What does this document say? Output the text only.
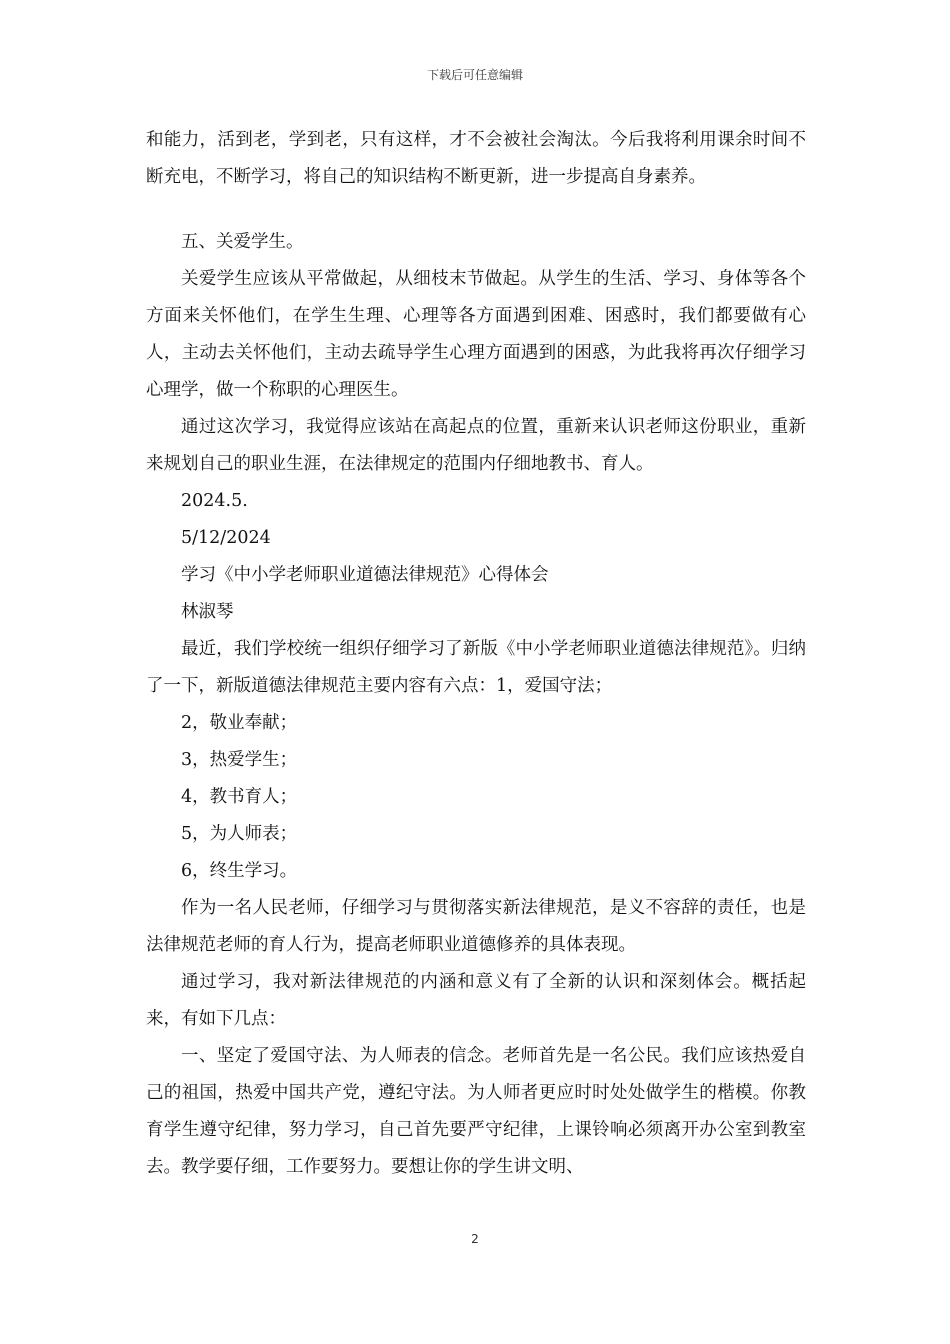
下载后可任意编辑

和能力，活到老，学到老，只有这样，才不会被社会淘汰。今后我将利用课余时间不断充电，不断学习，将自己的知识结构不断更新，进一步提高自身素养。

五、关爱学生。

关爱学生应该从平常做起，从细枝末节做起。从学生的生活、学习、身体等各个方面来关怀他们，在学生生理、心理等各方面遇到困难、困惑时，我们都要做有心人，主动去关怀他们，主动去疏导学生心理方面遇到的困惑，为此我将再次仔细学习心理学，做一个称职的心理医生。

通过这次学习，我觉得应该站在高起点的位置，重新来认识老师这份职业，重新来规划自己的职业生涯，在法律规定的范围内仔细地教书、育人。

2024.5.

5/12/2024

学习《中小学老师职业道德法律规范》心得体会

林淑琴

最近，我们学校统一组织仔细学习了新版《中小学老师职业道德法律规范》。归纳了一下，新版道德法律规范主要内容有六点：1，爱国守法；

2，敬业奉献；

3，热爱学生；

4，教书育人；

5，为人师表；

6，终生学习。

作为一名人民老师，仔细学习与贯彻落实新法律规范，是义不容辞的责任，也是法律规范老师的育人行为，提高老师职业道德修养的具体表现。

通过学习，我对新法律规范的内涵和意义有了全新的认识和深刻体会。概括起来，有如下几点：

一、坚定了爱国守法、为人师表的信念。老师首先是一名公民。我们应该热爱自己的祖国，热爱中国共产党，遵纪守法。为人师者更应时时处处做学生的楷模。你教育学生遵守纪律，努力学习，自己首先要严守纪律，上课铃响必须离开办公室到教室去。教学要仔细，工作要努力。要想让你的学生讲文明、

2
